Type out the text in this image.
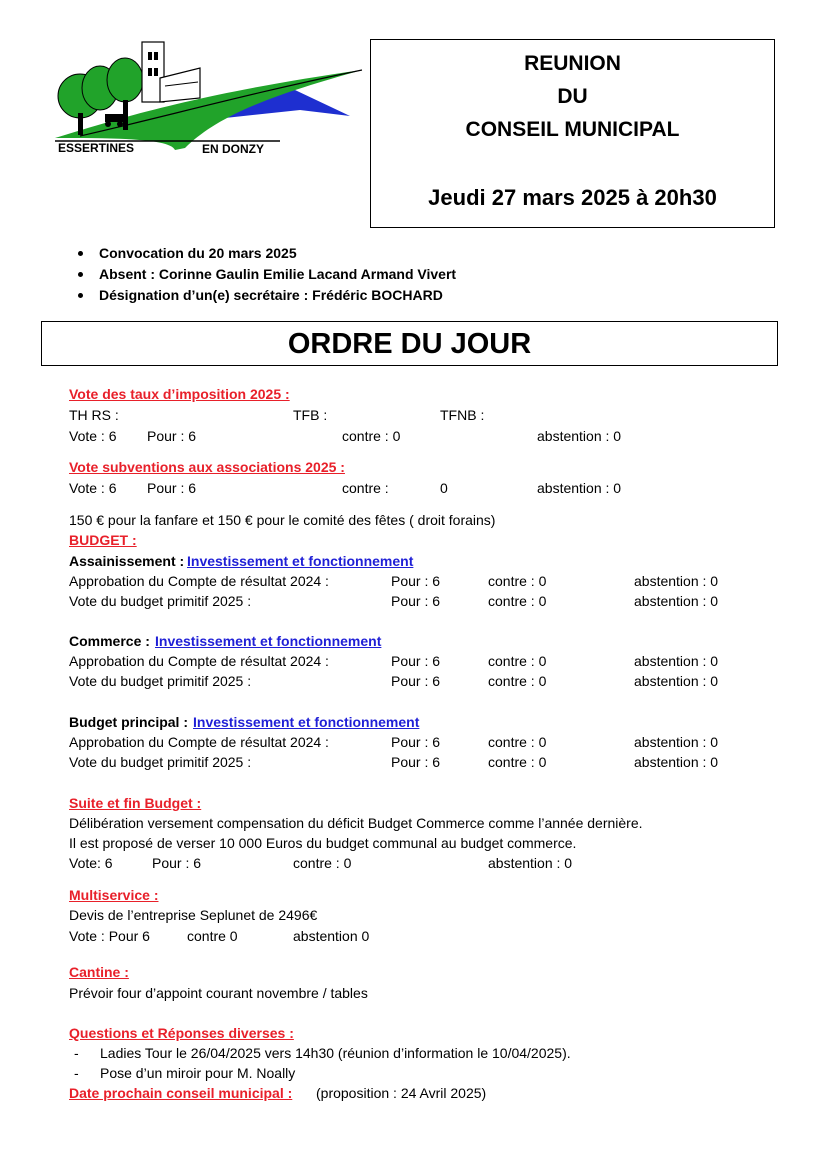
ESSERTINES	EN DONZY
REUNION
DU
CONSEIL MUNICIPAL
Jeudi 27 mars 2025 à 20h30
Convocation du 20 mars 2025
Absent : Corinne Gaulin Emilie Lacand Armand Vivert
Désignation d’un(e) secrétaire : Frédéric BOCHARD
ORDRE DU JOUR
Vote des taux d’imposition 2025 :
TH RS :	TFB :	TFNB :
Vote : 6 Pour : 6	contre : 0	abstention : 0
Vote subventions aux associations 2025 :
Vote : 6 Pour : 6	contre :	0	abstention : 0
150 € pour la fanfare et 150 € pour le comité des fêtes ( droit forains)
BUDGET :
Assainissement : Investissement et fonctionnement
Approbation du Compte de résultat 2024 :	Pour : 6	contre : 0	abstention : 0
Vote du budget primitif 2025 :	Pour : 6	contre : 0	abstention : 0
Commerce : Investissement et fonctionnement
Approbation du Compte de résultat 2024 :	Pour : 6	contre : 0	abstention : 0
Vote du budget primitif 2025 :	Pour : 6	contre : 0	abstention : 0
Budget principal : Investissement et fonctionnement
Approbation du Compte de résultat 2024 :	Pour : 6	contre : 0	abstention : 0
Vote du budget primitif 2025 :	Pour : 6	contre : 0	abstention : 0
Suite et fin Budget :
Délibération versement compensation du déficit Budget Commerce comme l’année dernière.
Il est proposé de verser 10 000 Euros du budget communal au budget commerce.
Vote: 6	Pour : 6	contre : 0	abstention : 0
Multiservice :
Devis de l’entreprise Seplunet de 2496€
Vote : Pour 6	contre 0	abstention 0
Cantine :
Prévoir four d’appoint courant novembre / tables
Questions et Réponses diverses :
- Ladies Tour le 26/04/2025 vers 14h30 (réunion d’information le 10/04/2025).
- Pose d’un miroir pour M. Noally
Date prochain conseil municipal : (proposition : 24 Avril 2025)
